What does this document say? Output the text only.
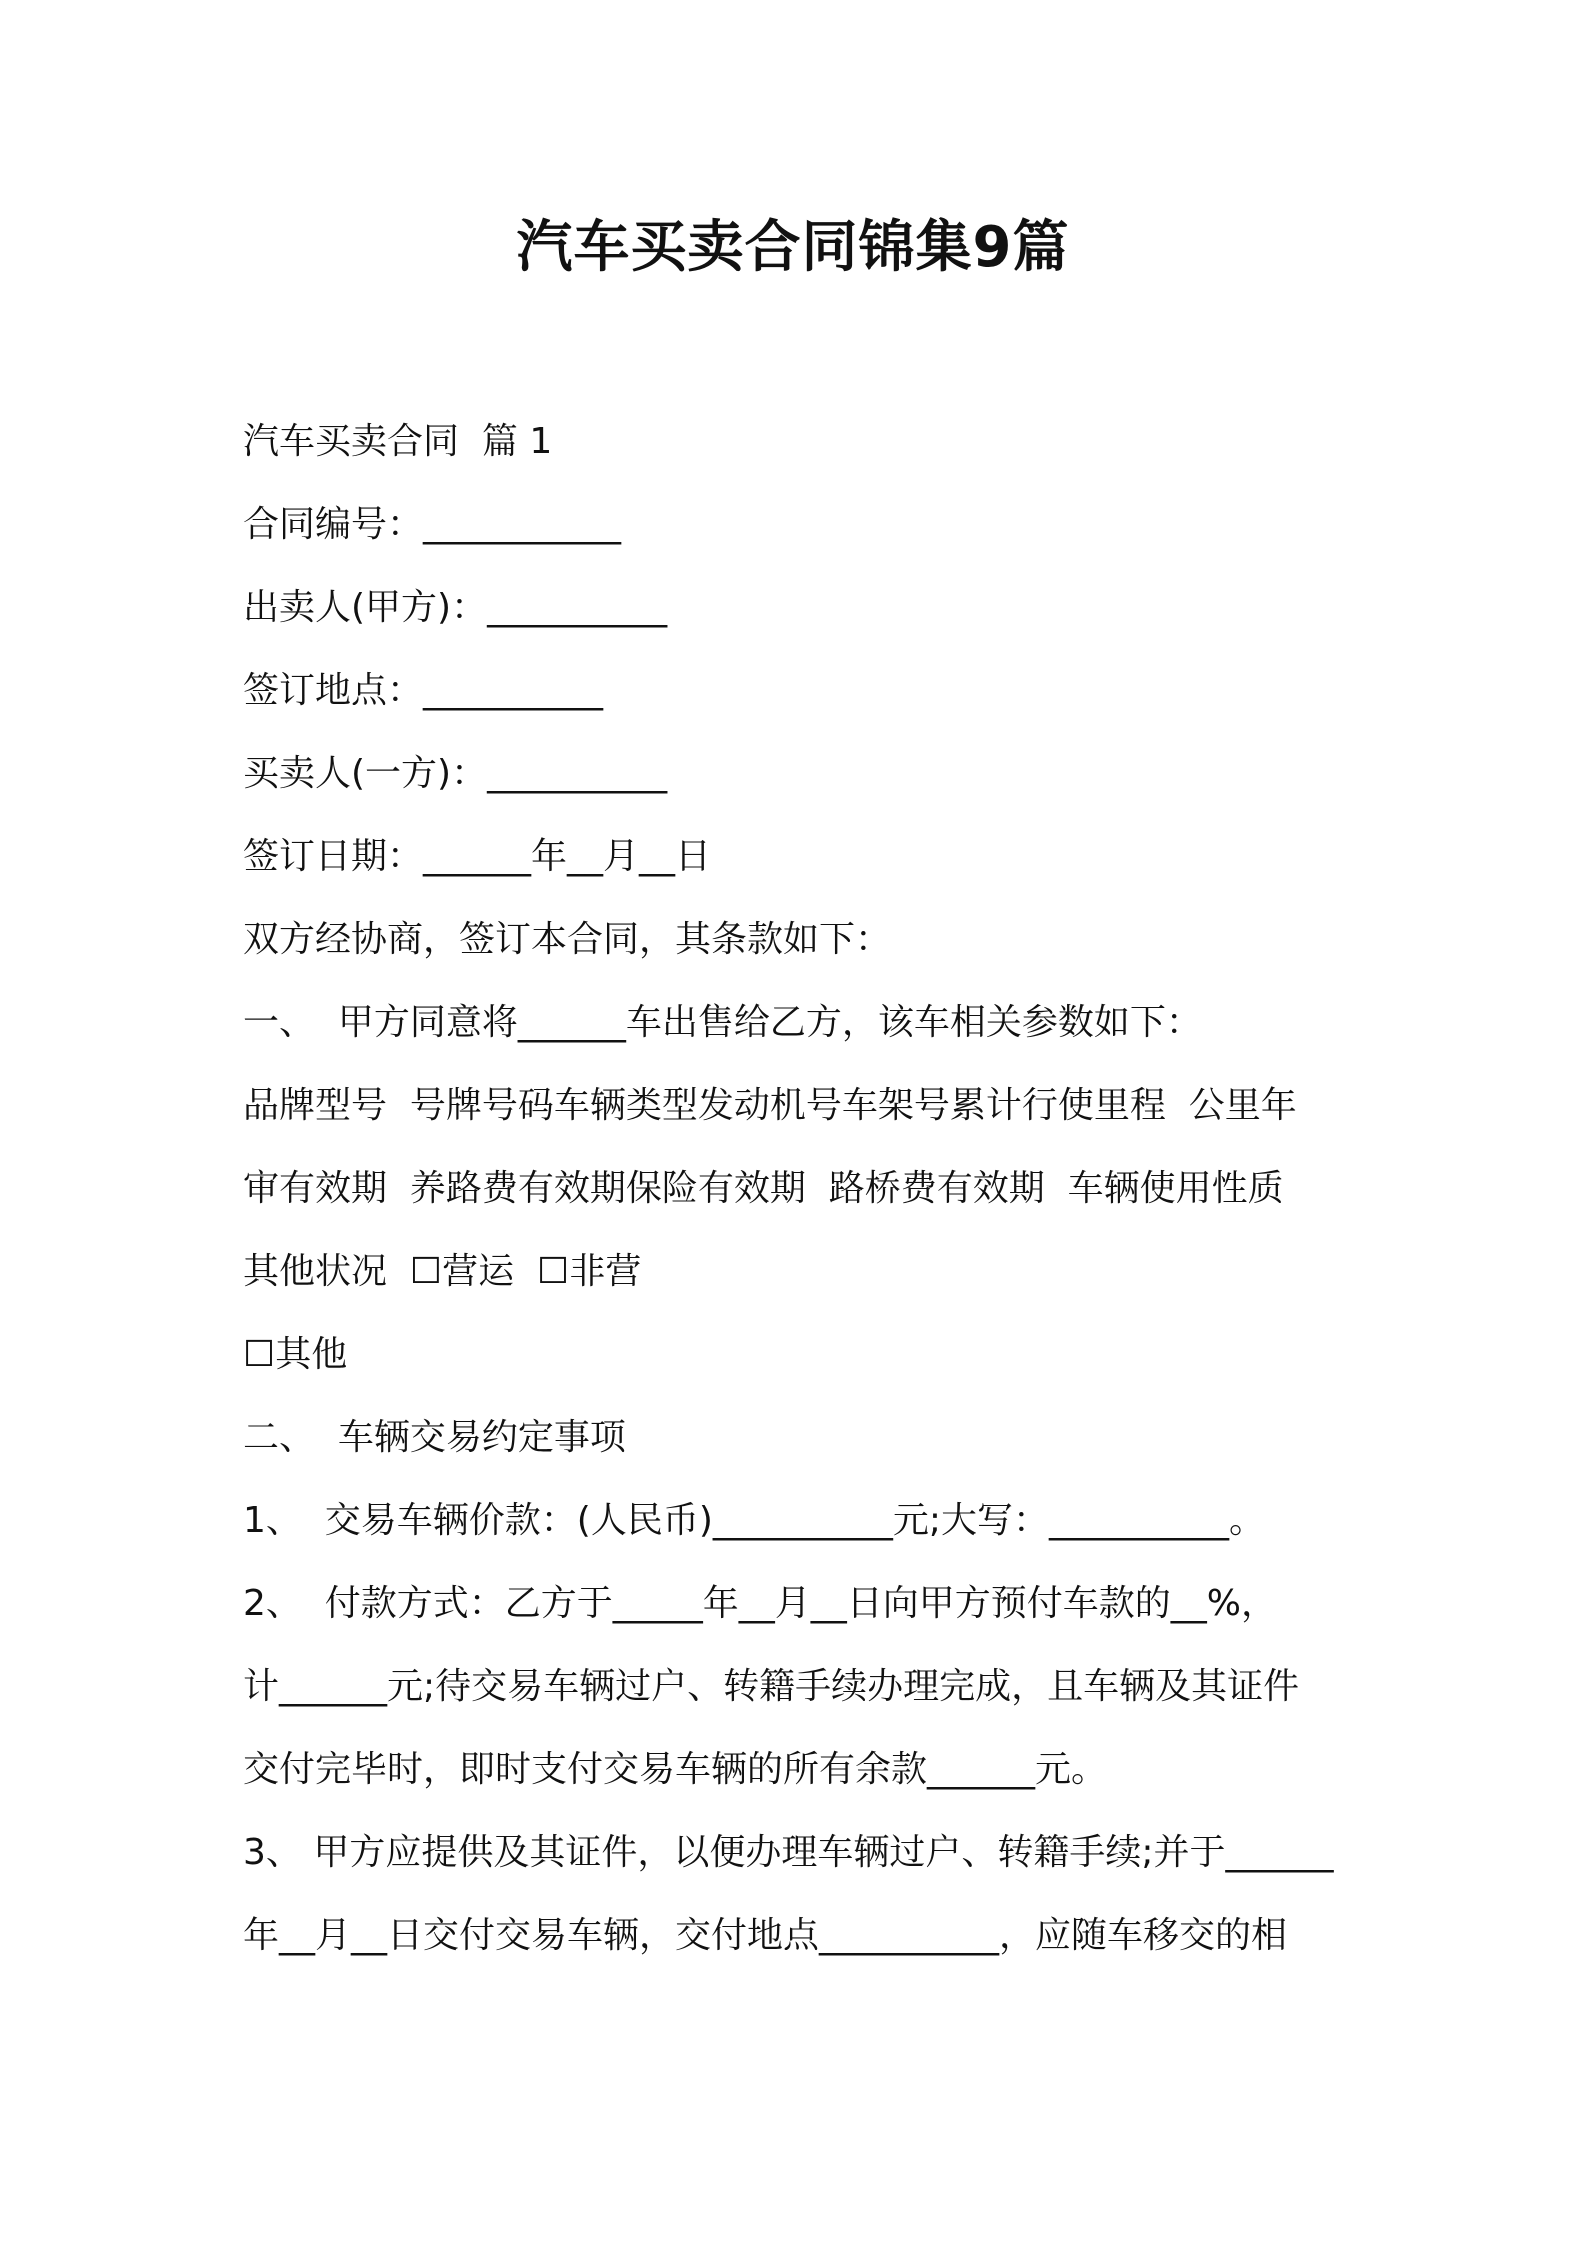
汽车买卖合同锦集9篇

汽车买卖合同  篇 1

合同编号：___________

出卖人(甲方)：__________

签订地点：__________

买卖人(一方)：__________

签订日期：______年__月__日

双方经协商，签订本合同，其条款如下：

一、  甲方同意将______车出售给乙方，该车相关参数如下：

品牌型号  号牌号码车辆类型发动机号车架号累计行使里程  公里年

审有效期  养路费有效期保险有效期  路桥费有效期  车辆使用性质

其他状况  ☐营运  ☐非营

☐其他

二、  车辆交易约定事项

1、  交易车辆价款：(人民币)__________元;大写：__________。

2、  付款方式：乙方于_____年__月__日向甲方预付车款的__%，

计______元;待交易车辆过户、转籍手续办理完成，且车辆及其证件

交付完毕时，即时支付交易车辆的所有余款______元。

3、 甲方应提供及其证件，以便办理车辆过户、转籍手续;并于______

年__月__日交付交易车辆，交付地点__________，应随车移交的相
